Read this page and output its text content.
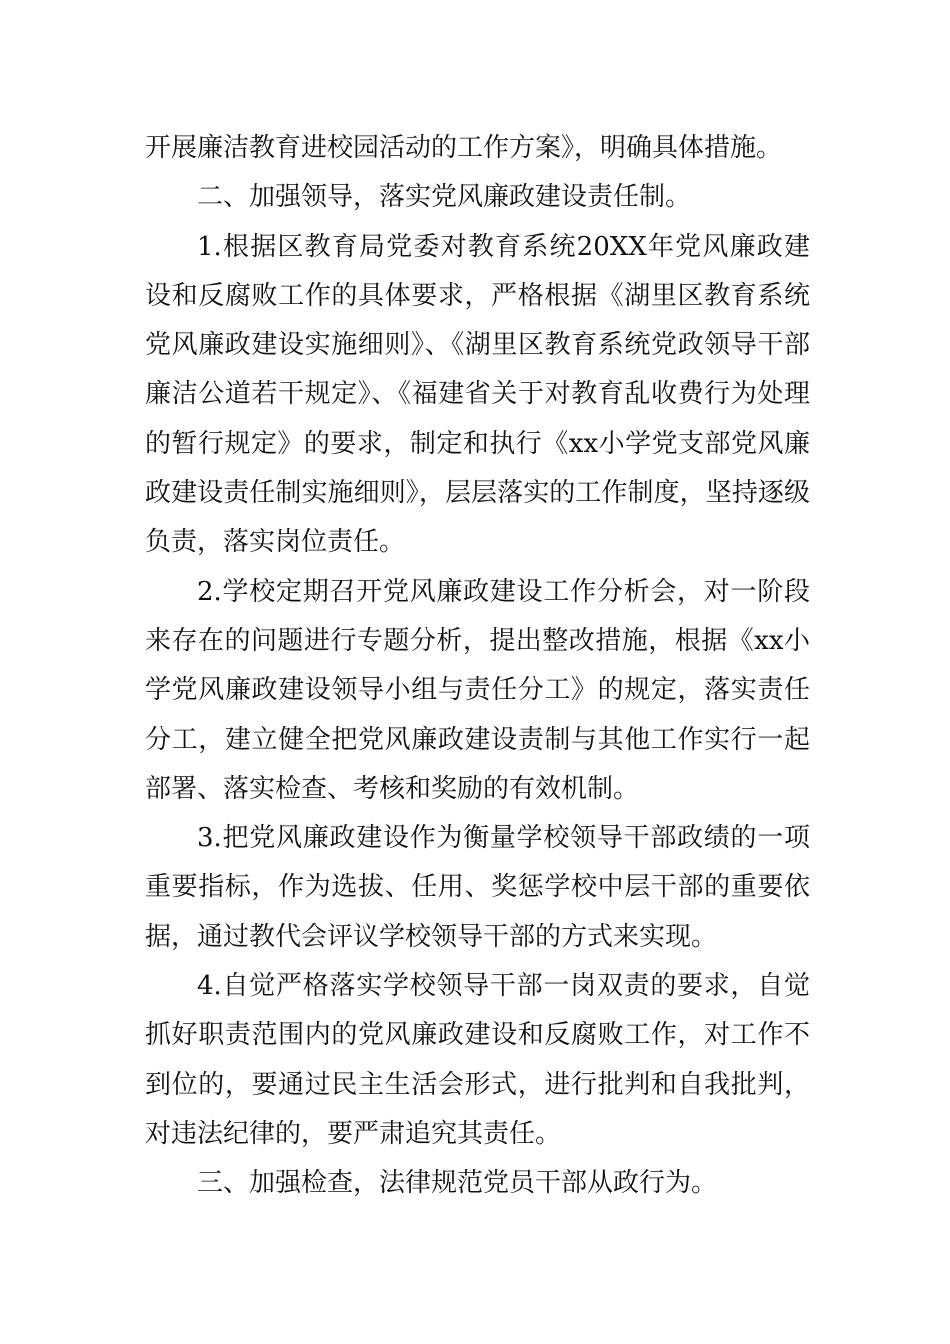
开展廉洁教育进校园活动的工作方案》，明确具体措施。

二、加强领导，落实党风廉政建设责任制。

1.根据区教育局党委对教育系统20XX年党风廉政建设和反腐败工作的具体要求，严格根据《湖里区教育系统党风廉政建设实施细则》、《湖里区教育系统党政领导干部廉洁公道若干规定》、《福建省关于对教育乱收费行为处理的暂行规定》的要求，制定和执行《xx小学党支部党风廉政建设责任制实施细则》，层层落实的工作制度，坚持逐级负责，落实岗位责任。

2.学校定期召开党风廉政建设工作分析会，对一阶段来存在的问题进行专题分析，提出整改措施，根据《xx小学党风廉政建设领导小组与责任分工》的规定，落实责任分工，建立健全把党风廉政建设责制与其他工作实行一起部署、落实检查、考核和奖励的有效机制。

3.把党风廉政建设作为衡量学校领导干部政绩的一项重要指标，作为选拔、任用、奖惩学校中层干部的重要依据，通过教代会评议学校领导干部的方式来实现。

4.自觉严格落实学校领导干部一岗双责的要求，自觉抓好职责范围内的党风廉政建设和反腐败工作，对工作不到位的，要通过民主生活会形式，进行批判和自我批判，对违法纪律的，要严肃追究其责任。

三、加强检查，法律规范党员干部从政行为。
